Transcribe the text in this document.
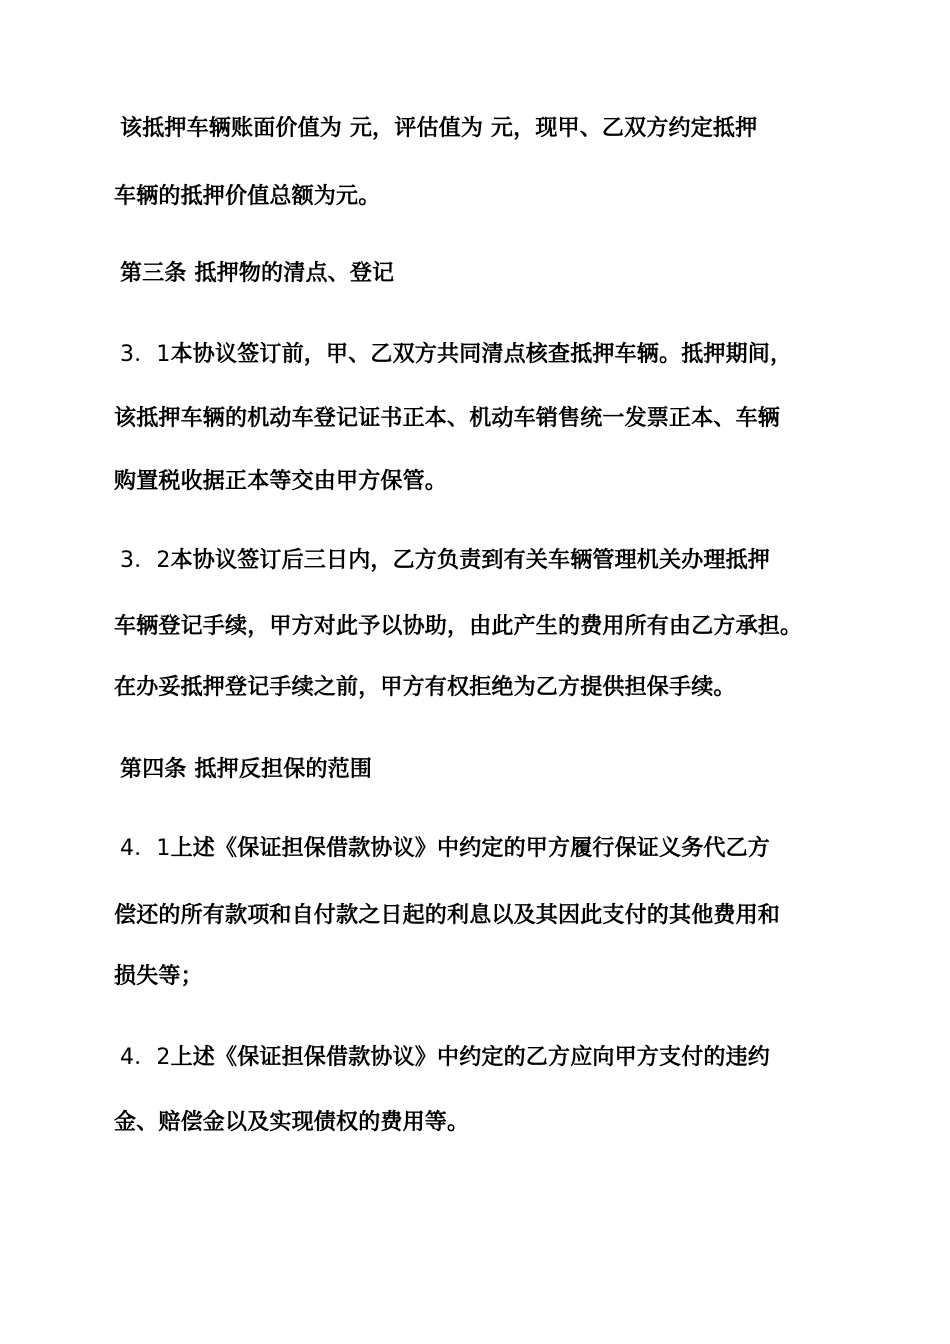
该抵押车辆账面价值为 元，评估值为 元，现甲、乙双方约定抵押

车辆的抵押价值总额为元。

第三条 抵押物的清点、登记

3．1本协议签订前，甲、乙双方共同清点核查抵押车辆。抵押期间，

该抵押车辆的机动车登记证书正本、机动车销售统一发票正本、车辆

购置税收据正本等交由甲方保管。

3．2本协议签订后三日内，乙方负责到有关车辆管理机关办理抵押

车辆登记手续，甲方对此予以协助，由此产生的费用所有由乙方承担。

在办妥抵押登记手续之前，甲方有权拒绝为乙方提供担保手续。

第四条 抵押反担保的范围

4．1上述《保证担保借款协议》中约定的甲方履行保证义务代乙方

偿还的所有款项和自付款之日起的利息以及其因此支付的其他费用和

损失等；

4．2上述《保证担保借款协议》中约定的乙方应向甲方支付的违约

金、赔偿金以及实现债权的费用等。
